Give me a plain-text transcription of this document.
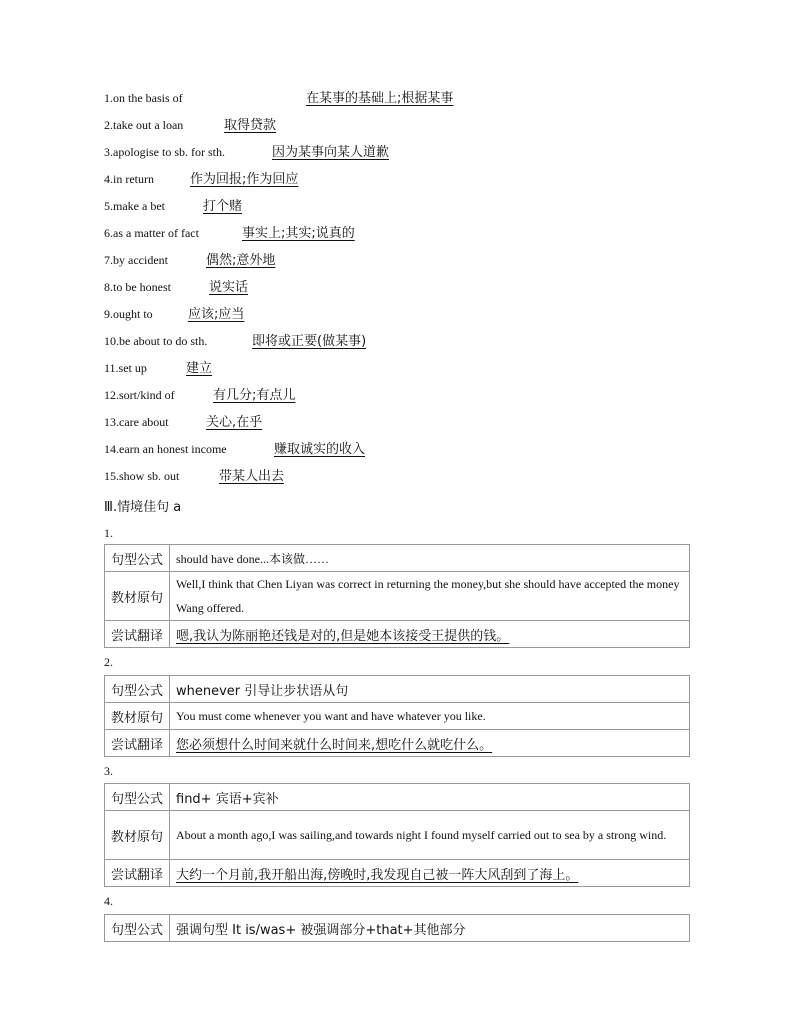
1.on the basis of	在某事的基础上;根据某事
2.take out a loan	取得贷款
3.apologise to sb. for sth.	因为某事向某人道歉
4.in return	作为回报;作为回应
5.make a bet	打个赌
6.as a matter of fact	事实上;其实;说真的
7.by accident	偶然;意外地
8.to be honest	说实话
9.ought to	应该;应当
10.be about to do sth.	即将或正要(做某事)
11.set up	建立
12.sort/kind of	有几分;有点儿
13.care about	关心,在乎
14.earn an honest income	赚取诚实的收入
15.show sb. out	带某人出去
Ⅲ.情境佳句 a
1.
句型公式	should have done...本该做……
教材原句	Well,I think that Chen Liyan was correct in returning the money,but she should have accepted the money Wang offered.
尝试翻译	嗯,我认为陈丽艳还钱是对的,但是她本该接受王提供的钱。
2.
句型公式	whenever 引导让步状语从句
教材原句	You must come whenever you want and have whatever you like.
尝试翻译	您必须想什么时间来就什么时间来,想吃什么就吃什么。
3.
句型公式	find+ 宾语+宾补
教材原句	About a month ago,I was sailing,and towards night I found myself carried out to sea by a strong wind.
尝试翻译	大约一个月前,我开船出海,傍晚时,我发现自己被一阵大风刮到了海上。
4.
句型公式	强调句型 It is/was+ 被强调部分+that+其他部分
